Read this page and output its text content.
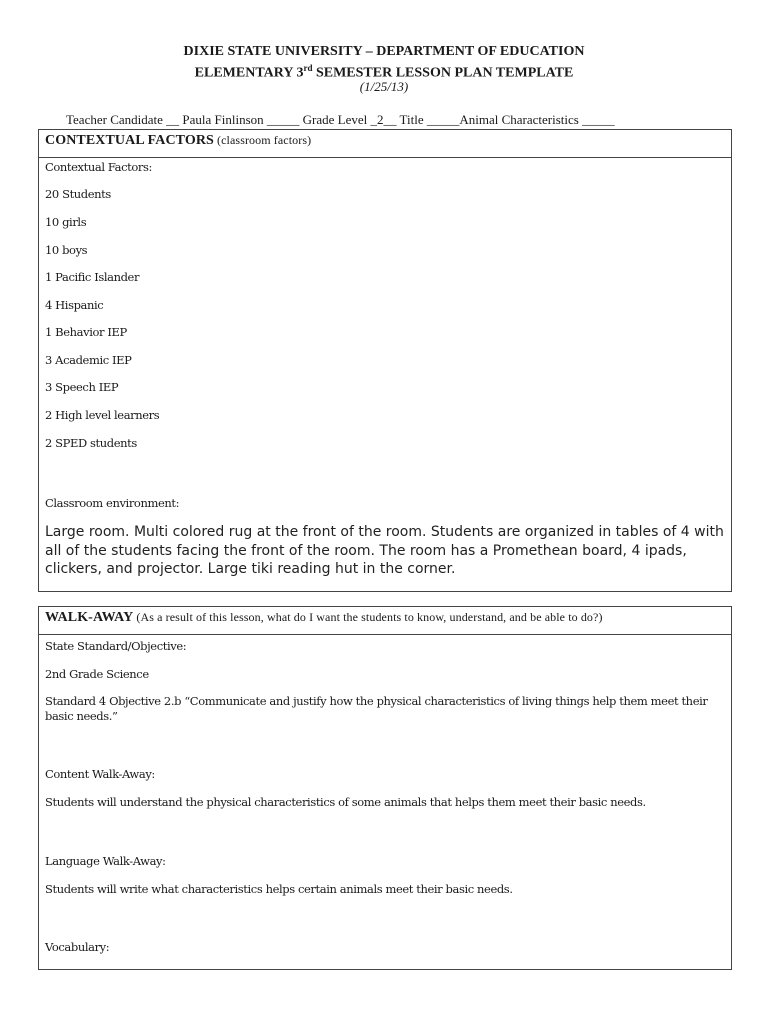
DIXIE STATE UNIVERSITY – DEPARTMENT OF EDUCATION
ELEMENTARY 3rd SEMESTER LESSON PLAN TEMPLATE
(1/25/13)
Teacher Candidate __ Paula Finlinson _____ Grade Level _2__ Title _____Animal Characteristics _____
CONTEXTUAL FACTORS (classroom factors)
Contextual Factors:
20 Students
10 girls
10 boys
1 Pacific Islander
4 Hispanic
1 Behavior IEP
3 Academic IEP
3 Speech IEP
2 High level learners
2 SPED students
Classroom environment:
Large room. Multi colored rug at the front of the room. Students are organized in tables of 4 with all of the students facing the front of the room. The room has a Promethean board, 4 ipads, clickers, and projector. Large tiki reading hut in the corner.
WALK-AWAY (As a result of this lesson, what do I want the students to know, understand, and be able to do?)
State Standard/Objective:
2nd Grade Science
Standard 4 Objective 2.b “Communicate and justify how the physical characteristics of living things help them meet their basic needs.”
Content Walk-Away:
Students will understand the physical characteristics of some animals that helps them meet their basic needs.
Language Walk-Away:
Students will write what characteristics helps certain animals meet their basic needs.
Vocabulary:
